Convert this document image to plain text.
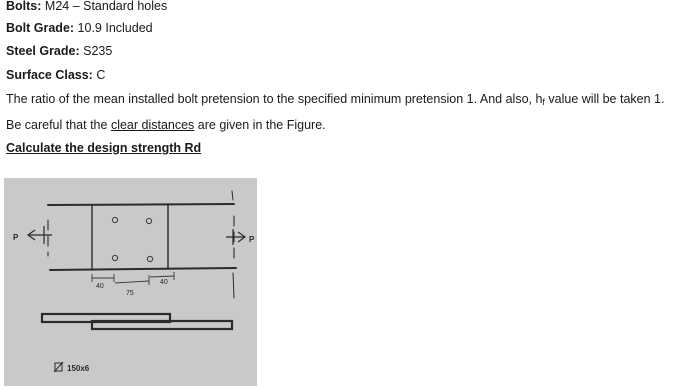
Bolts: M24 – Standard holes
Bolt Grade: 10.9 Included
Steel Grade: S235
Surface Class: C
The ratio of the mean installed bolt pretension to the specified minimum pretension 1. And also, $h_f$ value will be taken 1.
Be careful that the clear distances are given in the Figure.
Calculate the design strength Rd
P	P
40
75
40
150x6
